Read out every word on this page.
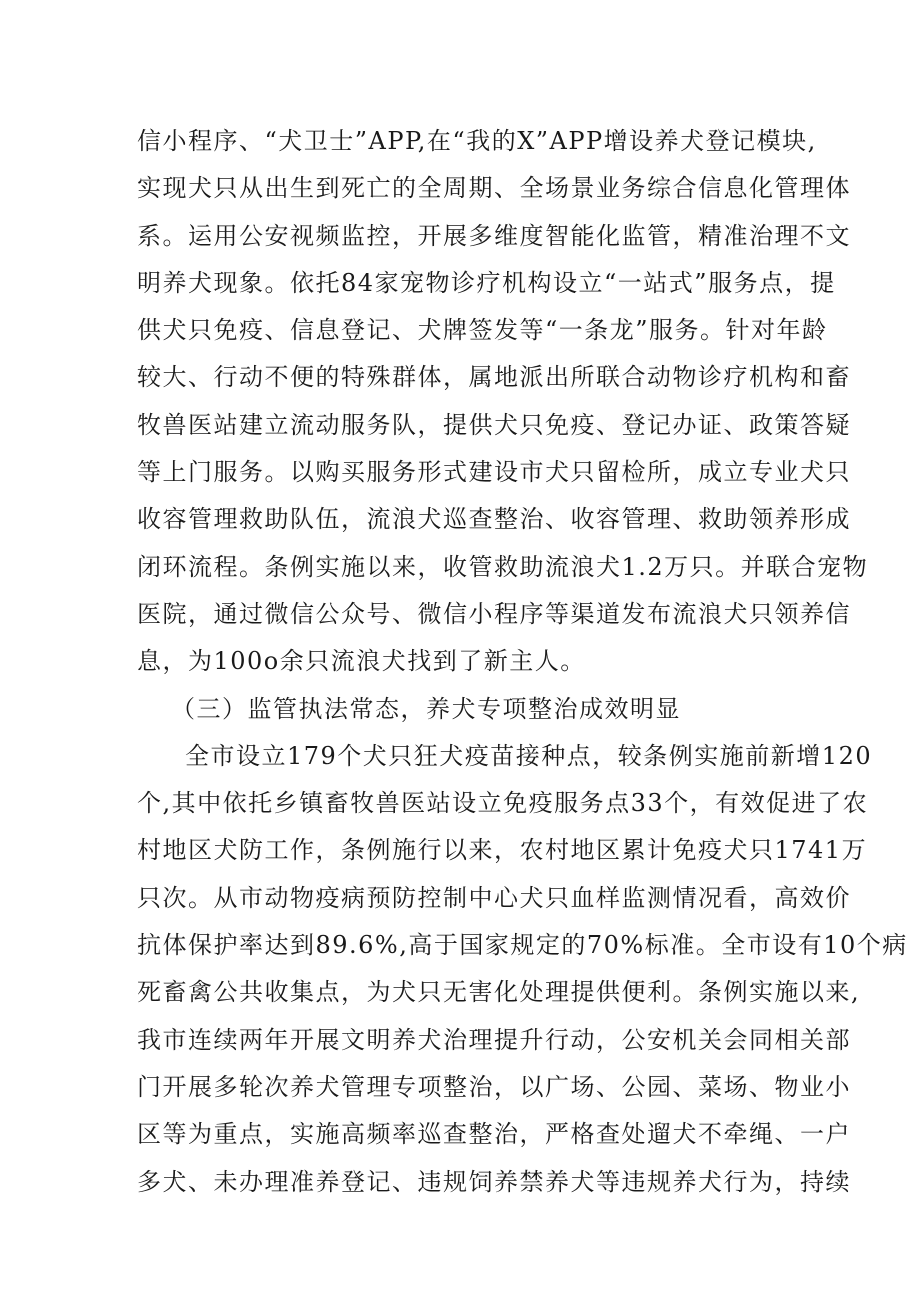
信小程序、“犬卫士”APP,在“我的X”APP增设养犬登记模块,
实现犬只从出生到死亡的全周期、全场景业务综合信息化管理体
系。运用公安视频监控，开展多维度智能化监管，精准治理不文
明养犬现象。依托84家宠物诊疗机构设立“一站式”服务点，提
供犬只免疫、信息登记、犬牌签发等“一条龙”服务。针对年龄
较大、行动不便的特殊群体，属地派出所联合动物诊疗机构和畜
牧兽医站建立流动服务队，提供犬只免疫、登记办证、政策答疑
等上门服务。以购买服务形式建设市犬只留检所，成立专业犬只
收容管理救助队伍，流浪犬巡查整治、收容管理、救助领养形成
闭环流程。条例实施以来，收管救助流浪犬1.2万只。并联合宠物
医院，通过微信公众号、微信小程序等渠道发布流浪犬只领养信
息，为100o余只流浪犬找到了新主人。
（三）监管执法常态，养犬专项整治成效明显
全市设立179个犬只狂犬疫苗接种点，较条例实施前新增120
个,其中依托乡镇畜牧兽医站设立免疫服务点33个，有效促进了农
村地区犬防工作，条例施行以来，农村地区累计免疫犬只1741万
只次。从市动物疫病预防控制中心犬只血样监测情况看，高效价
抗体保护率达到89.6%,高于国家规定的70%标准。全市设有10个病
死畜禽公共收集点，为犬只无害化处理提供便利。条例实施以来,
我市连续两年开展文明养犬治理提升行动，公安机关会同相关部
门开展多轮次养犬管理专项整治，以广场、公园、菜场、物业小
区等为重点，实施高频率巡查整治，严格查处遛犬不牵绳、一户
多犬、未办理准养登记、违规饲养禁养犬等违规养犬行为，持续
